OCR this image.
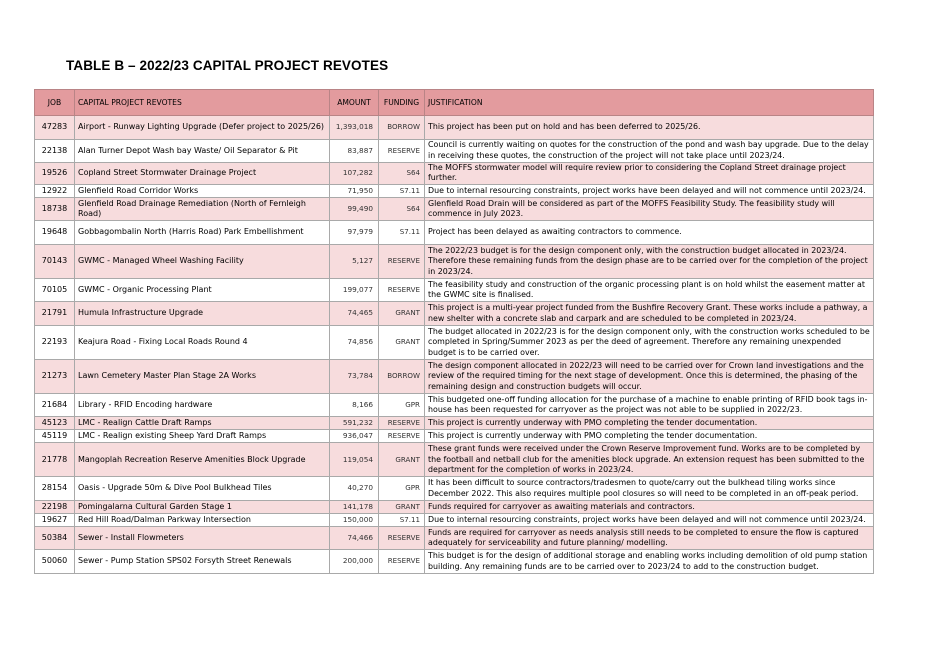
TABLE B – 2022/23 CAPITAL PROJECT REVOTES
JOB	CAPITAL PROJECT REVOTES	AMOUNT	FUNDING	JUSTIFICATION
47283	Airport - Runway Lighting Upgrade (Defer project to 2025/26)	1,393,018	BORROW	This project has been put on hold and has been deferred to 2025/26.
22138	Alan Turner Depot Wash bay Waste/ Oil Separator & Pit	83,887	RESERVE	Council is currently waiting on quotes for the construction of the pond and wash bay upgrade. Due to the delay in receiving these quotes, the construction of the project will not take place until 2023/24.
19526	Copland Street Stormwater Drainage Project	107,282	S64	The MOFFS stormwater model will require review prior to considering the Copland Street drainage project further.
12922	Glenfield Road Corridor Works	71,950	S7.11	Due to internal resourcing constraints, project works have been delayed and will not commence until 2023/24.
18738	Glenfield Road Drainage Remediation (North of Fernleigh Road)	99,490	S64	Glenfield Road Drain will be considered as part of the MOFFS Feasibility Study. The feasibility study will commence in July 2023.
19648	Gobbagombalin North (Harris Road) Park Embellishment	97,979	S7.11	Project has been delayed as awaiting contractors to commence.
70143	GWMC - Managed Wheel Washing Facility	5,127	RESERVE	The 2022/23 budget is for the design component only, with the construction budget allocated in 2023/24. Therefore these remaining funds from the design phase are to be carried over for the completion of the project in 2023/24.
70105	GWMC - Organic Processing Plant	199,077	RESERVE	The feasibility study and construction of the organic processing plant is on hold whilst the easement matter at the GWMC site is finalised.
21791	Humula Infrastructure Upgrade	74,465	GRANT	This project is a multi-year project funded from the Bushfire Recovery Grant. These works include a pathway, a new shelter with a concrete slab and carpark and are scheduled to be completed in 2023/24.
22193	Keajura Road - Fixing Local Roads Round 4	74,856	GRANT	The budget allocated in 2022/23 is for the design component only, with the construction works scheduled to be completed in Spring/Summer 2023 as per the deed of agreement. Therefore any remaining unexpended budget is to be carried over.
21273	Lawn Cemetery Master Plan Stage 2A Works	73,784	BORROW	The design component allocated in 2022/23 will need to be carried over for Crown land investigations and the review of the required timing for the next stage of development. Once this is determined, the phasing of the remaining design and construction budgets will occur.
21684	Library - RFID Encoding hardware	8,166	GPR	This budgeted one-off funding allocation for the purchase of a machine to enable printing of RFID book tags in-house has been requested for carryover as the project was not able to be supplied in 2022/23.
45123	LMC - Realign Cattle Draft Ramps	591,232	RESERVE	This project is currently underway with PMO completing the tender documentation.
45119	LMC - Realign existing Sheep Yard Draft Ramps	936,047	RESERVE	This project is currently underway with PMO completing the tender documentation.
21778	Mangoplah Recreation Reserve Amenities Block Upgrade	119,054	GRANT	These grant funds were received under the Crown Reserve Improvement fund. Works are to be completed by the football and netball club for the amenities block upgrade. An extension request has been submitted to the department for the completion of works in 2023/24.
28154	Oasis - Upgrade 50m & Dive Pool Bulkhead Tiles	40,270	GPR	It has been difficult to source contractors/tradesmen to quote/carry out the bulkhead tiling works since December 2022. This also requires multiple pool closures so will need to be completed in an off-peak period.
22198	Pomingalarna Cultural Garden Stage 1	141,178	GRANT	Funds required for carryover as awaiting materials and contractors.
19627	Red Hill Road/Dalman Parkway Intersection	150,000	S7.11	Due to internal resourcing constraints, project works have been delayed and will not commence until 2023/24.
50384	Sewer - Install Flowmeters	74,466	RESERVE	Funds are required for carryover as needs analysis still needs to be completed to ensure the flow is captured adequately for serviceability and future planning/ modelling.
50060	Sewer - Pump Station SPS02 Forsyth Street Renewals	200,000	RESERVE	This budget is for the design of additional storage and enabling works including demolition of old pump station building. Any remaining funds are to be carried over to 2023/24 to add to the construction budget.
